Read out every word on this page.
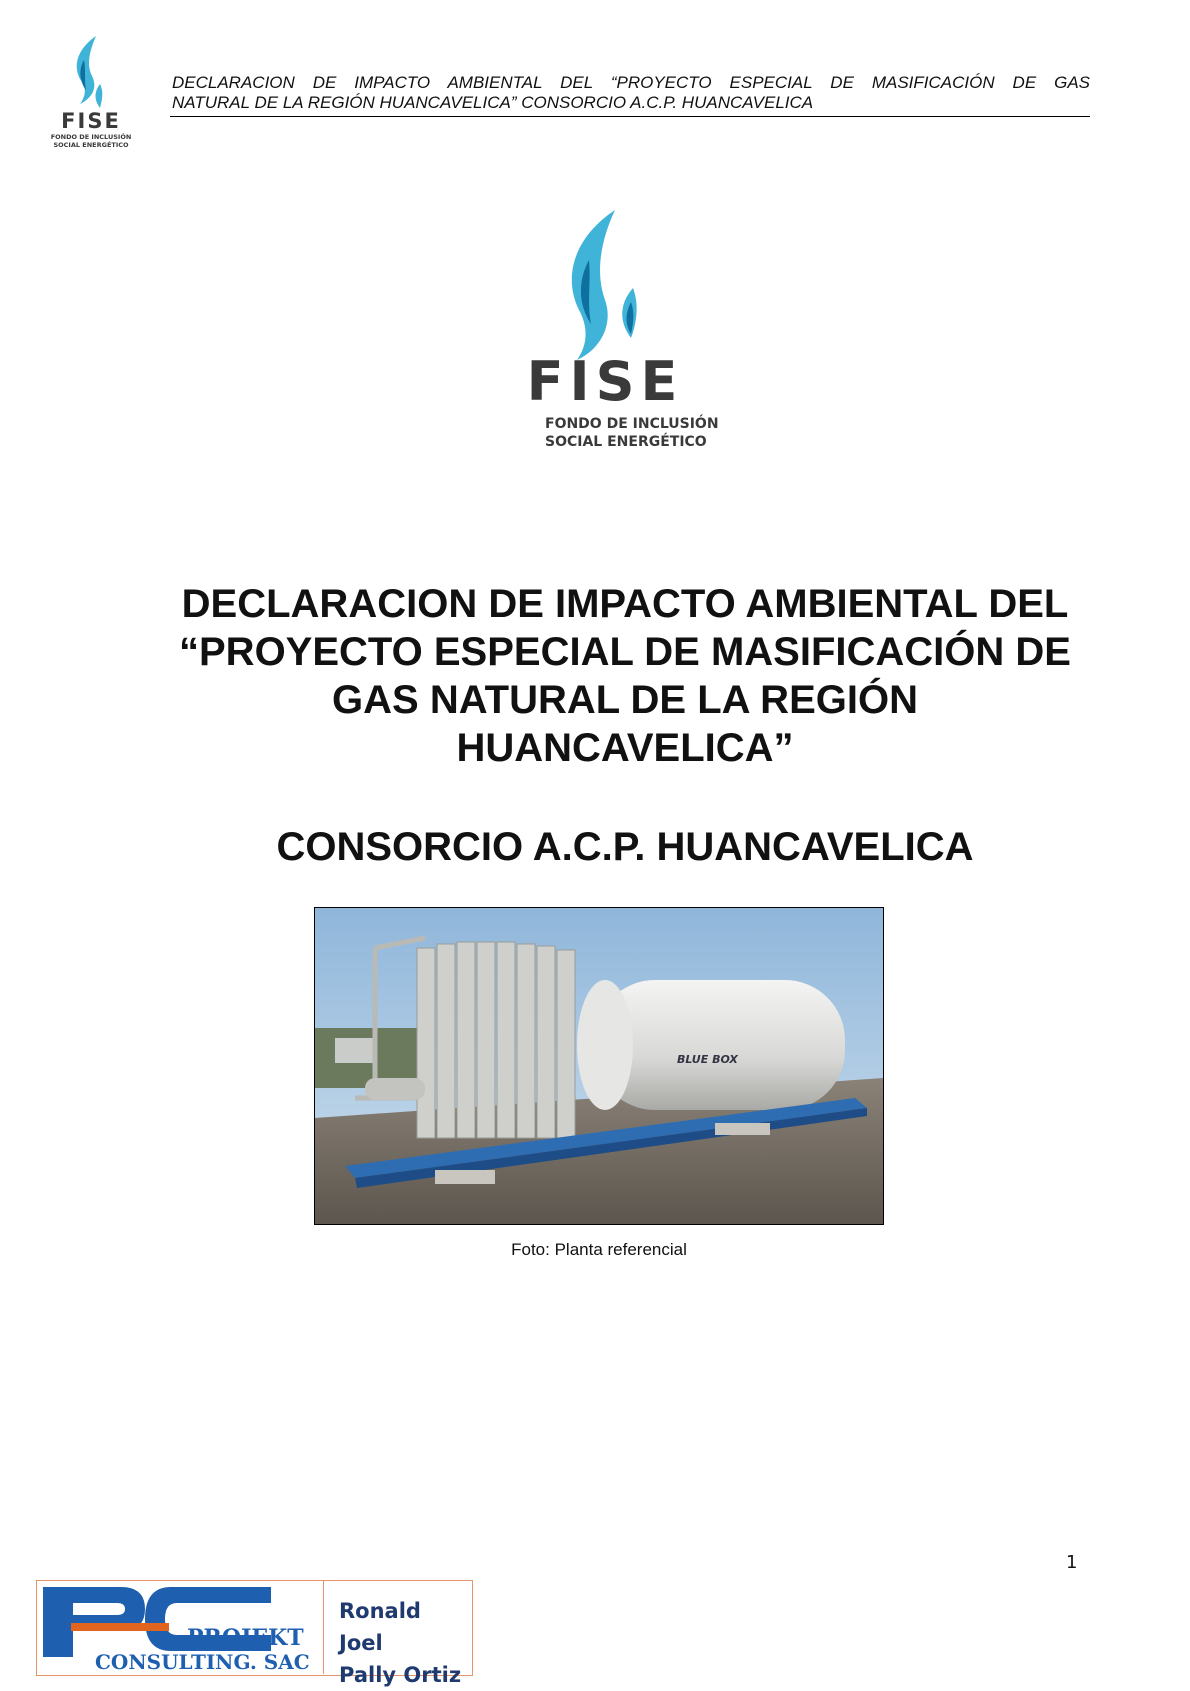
FISE
FONDO DE INCLUSIÓN
SOCIAL ENERGÉTICO
DECLARACION DE IMPACTO AMBIENTAL DEL “PROYECTO ESPECIAL DE MASIFICACIÓN DE GAS
NATURAL DE LA REGIÓN HUANCAVELICA” CONSORCIO A.C.P. HUANCAVELICA
FISE
FONDO DE INCLUSIÓN
SOCIAL ENERGÉTICO
DECLARACION DE IMPACTO AMBIENTAL DEL
“PROYECTO ESPECIAL DE MASIFICACIÓN DE
GAS NATURAL DE LA REGIÓN
HUANCAVELICA”
CONSORCIO A.C.P. HUANCAVELICA
BLUE BOX
Foto: Planta referencial
1
PROJEKT
CONSULTING. SAC
Ronald Joel
Pally Ortiz
